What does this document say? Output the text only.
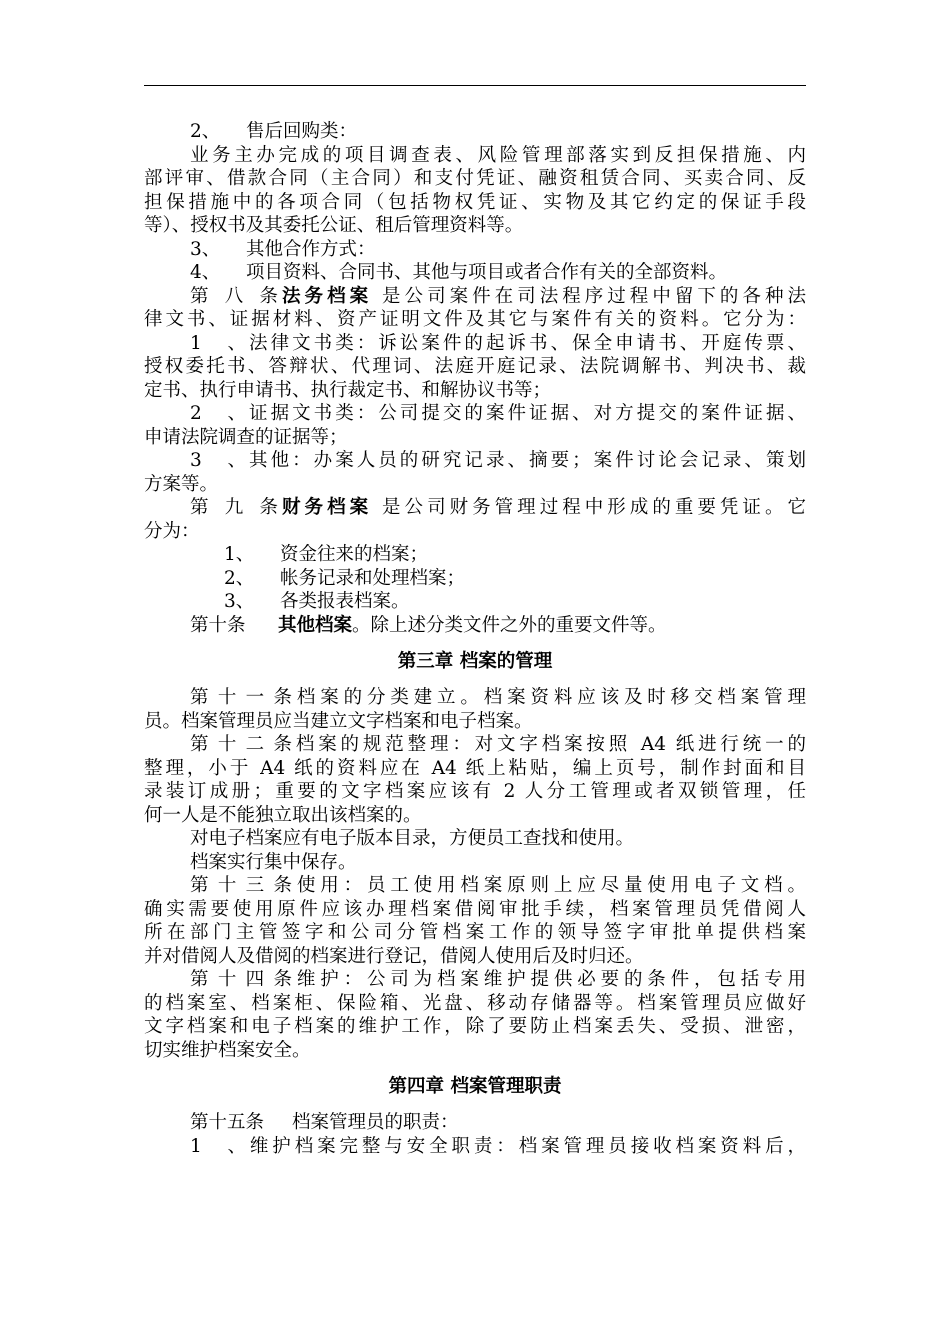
2、 售后回购类：
业务主办完成的项目调查表、风险管理部落实到反担保措施、内
部评审、借款合同（主合同）和支付凭证、融资租赁合同、买卖合同、反
担保措施中的各项合同（包括物权凭证、实物及其它约定的保证手段
等）、授权书及其委托公证、租后管理资料等。
3、 其他合作方式：
4、 项目资料、合同书、其他与项目或者合作有关的全部资料。
第八条法务档案 是公司案件在司法程序过程中留下的各种法
律文书、证据材料、资产证明文件及其它与案件有关的资料。它分为：
1、法律文书类：诉讼案件的起诉书、保全申请书、开庭传票、
授权委托书、答辩状、代理词、法庭开庭记录、法院调解书、判决书、裁
定书、执行申请书、执行裁定书、和解协议书等；
2、证据文书类：公司提交的案件证据、对方提交的案件证据、
申请法院调查的证据等；
3、其他：办案人员的研究记录、摘要；案件讨论会记录、策划
方案等。
第九条财务档案 是公司财务管理过程中形成的重要凭证。它
分为：
1、 资金往来的档案；
2、 帐务记录和处理档案；
3、 各类报表档案。
第十条 其他档案。除上述分类文件之外的重要文件等。
第三章 档案的管理
第十一条档案的分类建立。档案资料应该及时移交档案管理
员。档案管理员应当建立文字档案和电子档案。
第十二条档案的规范整理：对文字档案按照 A4 纸进行统一的
整理，小于 A4 纸的资料应在 A4 纸上粘贴，编上页号，制作封面和目
录装订成册；重要的文字档案应该有 2 人分工管理或者双锁管理，任
何一人是不能独立取出该档案的。
对电子档案应有电子版本目录，方便员工查找和使用。
档案实行集中保存。
第十三条使用：员工使用档案原则上应尽量使用电子文档。
确实需要使用原件应该办理档案借阅审批手续，档案管理员凭借阅人
所在部门主管签字和公司分管档案工作的领导签字审批单提供档案
并对借阅人及借阅的档案进行登记，借阅人使用后及时归还。
第十四条维护：公司为档案维护提供必要的条件，包括专用
的档案室、档案柜、保险箱、光盘、移动存储器等。档案管理员应做好
文字档案和电子档案的维护工作，除了要防止档案丢失、受损、泄密，
切实维护档案安全。
第四章 档案管理职责
第十五条 档案管理员的职责：
1、维护档案完整与安全职责：档案管理员接收档案资料后，
